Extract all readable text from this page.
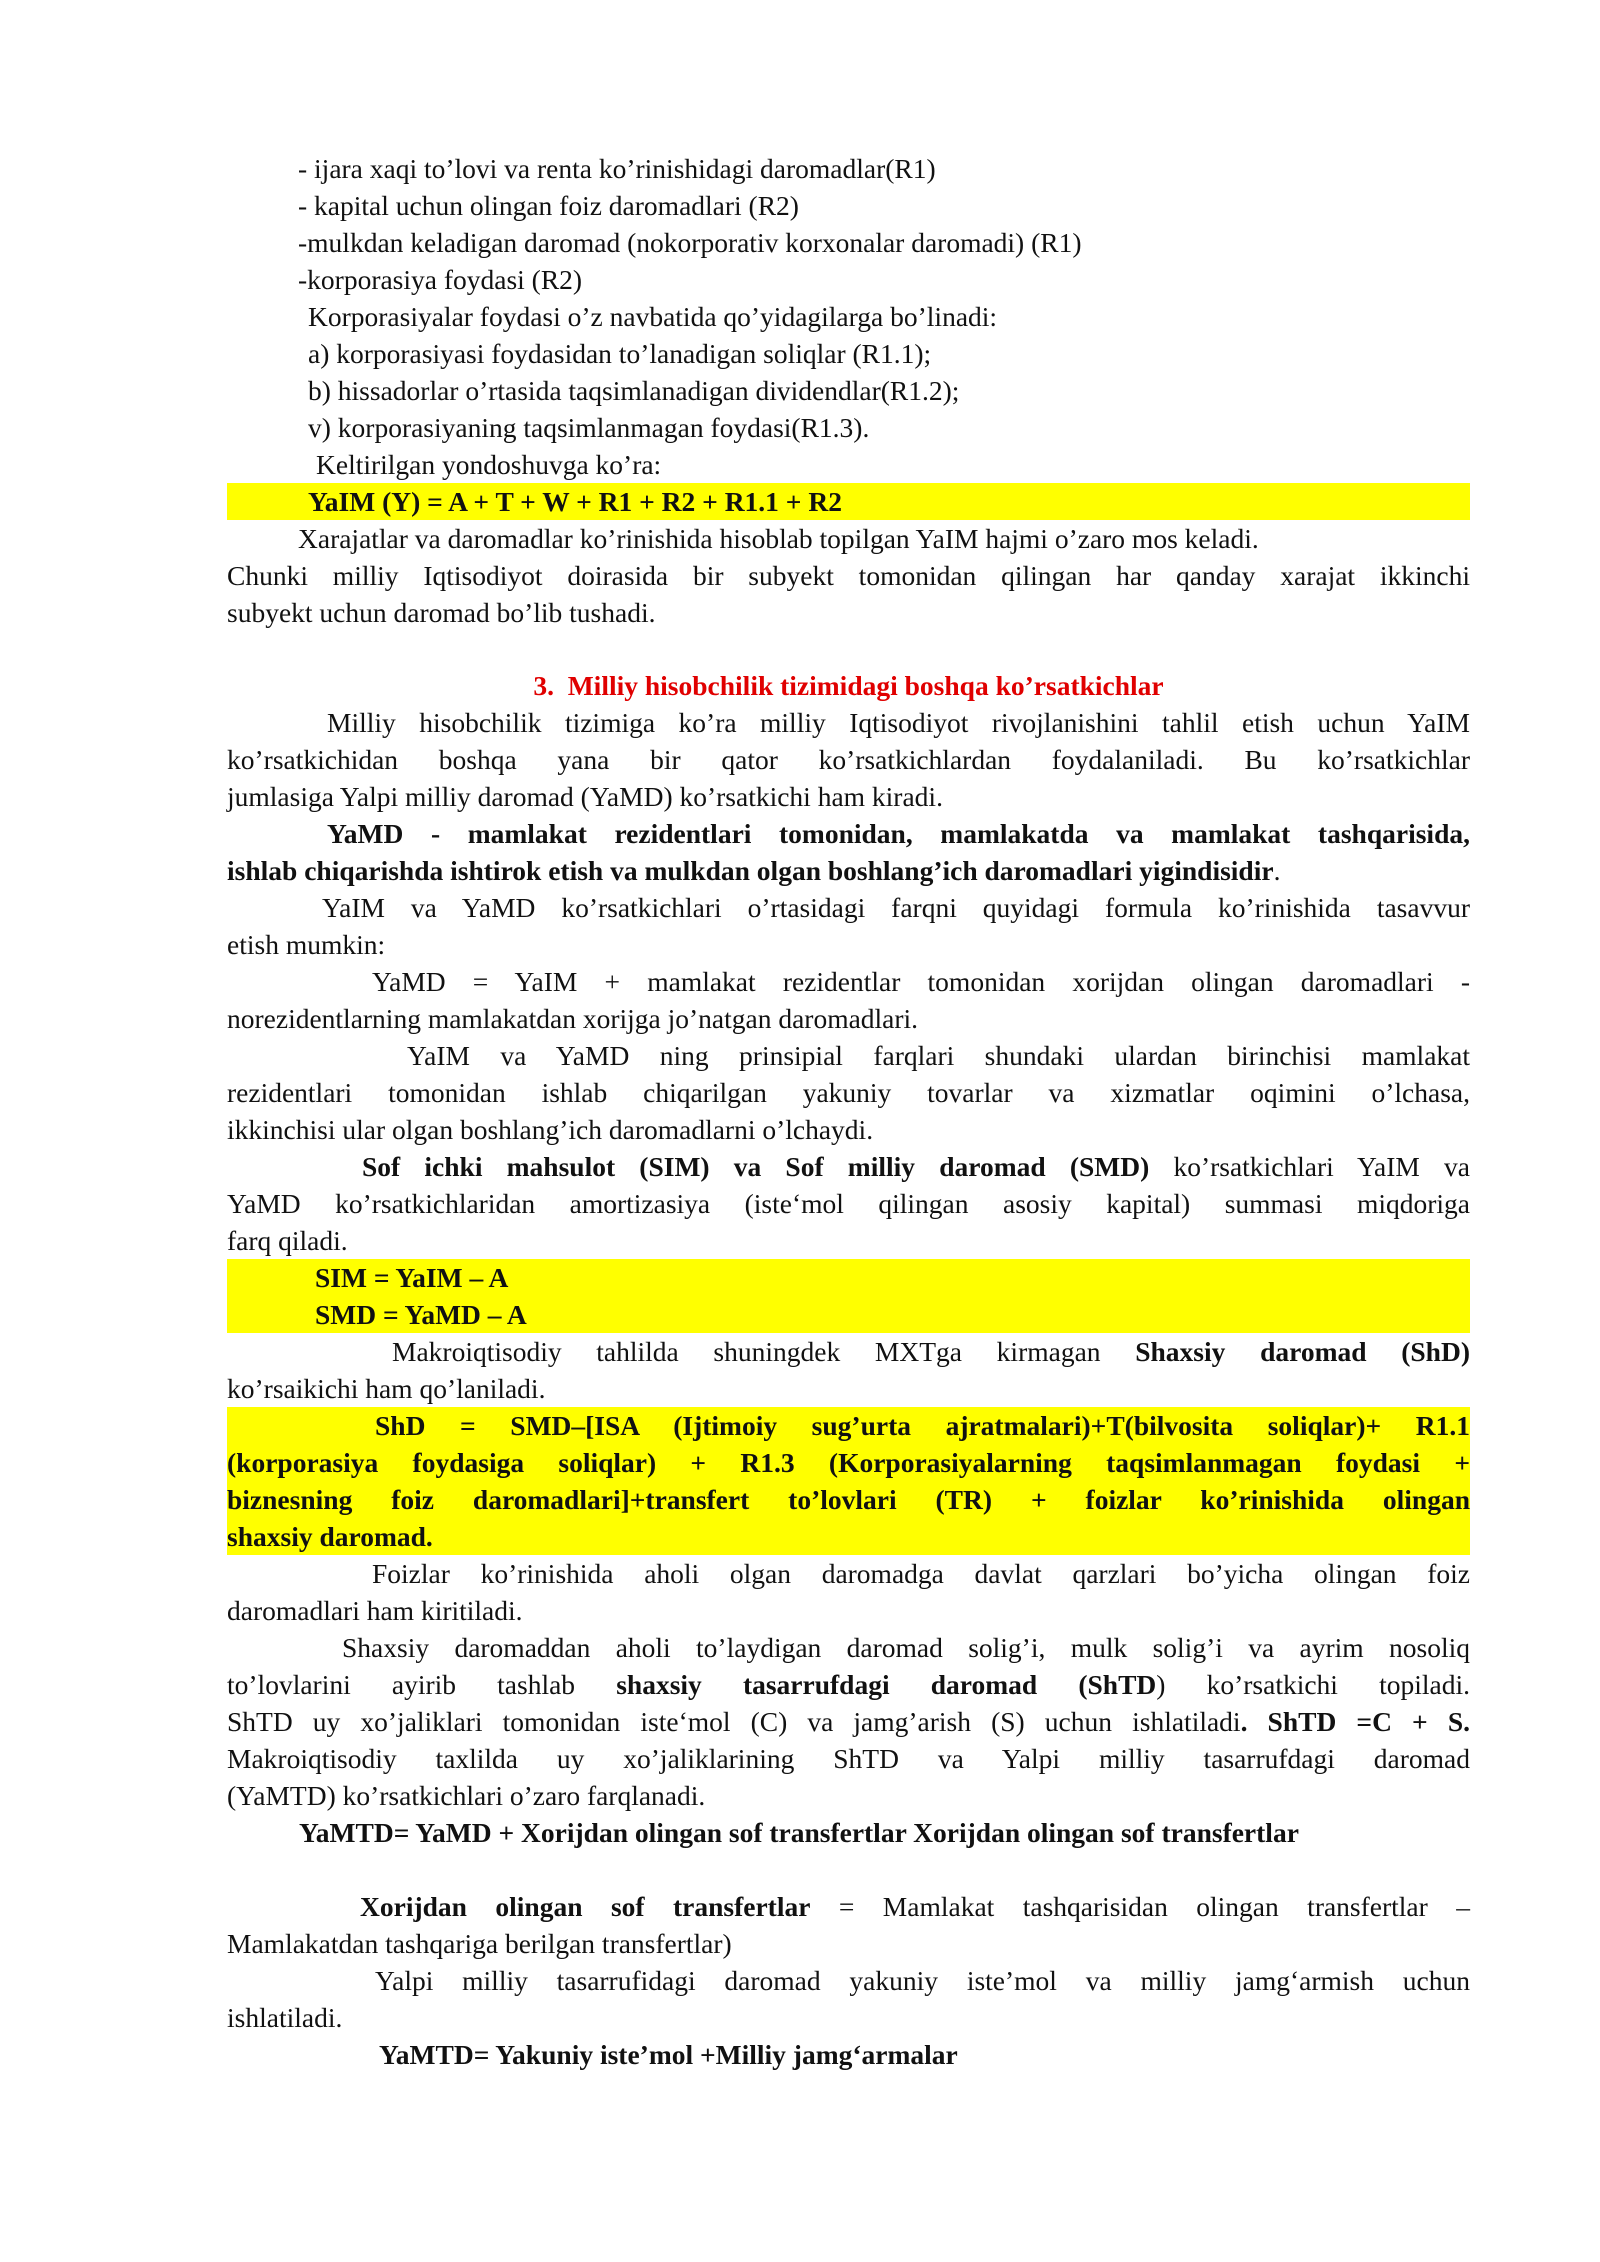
- ijara xaqi to’lovi va renta ko’rinishidagi daromadlar(R1)
- kapital uchun olingan foiz daromadlari (R2)
-mulkdan keladigan daromad (nokorporativ korxonalar daromadi) (R1)
-korporasiya foydasi (R2)
Korporasiyalar foydasi o’z navbatida qo’yidagilarga bo’linadi:
a) korporasiyasi foydasidan to’lanadigan soliqlar (R1.1);
b) hissadorlar o’rtasida taqsimlanadigan dividendlar(R1.2);
v) korporasiyaning taqsimlanmagan foydasi(R1.3).
Keltirilgan yondoshuvga ko’ra:
YaIM (Y) = A + T + W + R1 + R2 + R1.1 + R2
Xarajatlar va daromadlar ko’rinishida hisoblab topilgan YaIM hajmi o’zaro mos keladi.
Chunki milliy Iqtisodiyot doirasida bir subyekt tomonidan qilingan har qanday xarajat ikkinchi
subyekt uchun daromad bo’lib tushadi.
3. Milliy hisobchilik tizimidagi boshqa ko’rsatkichlar
Milliy hisobchilik tizimiga ko’ra milliy Iqtisodiyot rivojlanishini tahlil etish uchun YaIM
ko’rsatkichidan boshqa yana bir qator ko’rsatkichlardan foydalaniladi. Bu ko’rsatkichlar
jumlasiga Yalpi milliy daromad (YaMD) ko’rsatkichi ham kiradi.
YaMD - mamlakat rezidentlari tomonidan, mamlakatda va mamlakat tashqarisida,
ishlab chiqarishda ishtirok etish va mulkdan olgan boshlang’ich daromadlari yigindisidir.
YaIM va YaMD ko’rsatkichlari o’rtasidagi farqni quyidagi formula ko’rinishida tasavvur
etish mumkin:
YaMD = YaIM + mamlakat rezidentlar tomonidan xorijdan olingan daromadlari -
norezidentlarning mamlakatdan xorijga jo’natgan daromadlari.
YaIM va YaMD ning prinsipial farqlari shundaki ulardan birinchisi mamlakat
rezidentlari tomonidan ishlab chiqarilgan yakuniy tovarlar va xizmatlar oqimini o’lchasa,
ikkinchisi ular olgan boshlang’ich daromadlarni o’lchaydi.
Sof ichki mahsulot (SIM) va Sof milliy daromad (SMD) ko’rsatkichlari YaIM va
YaMD ko’rsatkichlaridan amortizasiya (iste‘mol qilingan asosiy kapital) summasi miqdoriga
farq qiladi.
SIM = YaIM – A
SMD = YaMD – A
Makroiqtisodiy tahlilda shuningdek MXTga kirmagan Shaxsiy daromad (ShD)
ko’rsaikichi ham qo’laniladi.
ShD = SMD–[ISA (Ijtimoiy sug’urta ajratmalari)+T(bilvosita soliqlar)+ R1.1
(korporasiya foydasiga soliqlar) + R1.3 (Korporasiyalarning taqsimlanmagan foydasi +
biznesning foiz daromadlari]+transfert to’lovlari (TR) + foizlar ko’rinishida olingan
shaxsiy daromad.
Foizlar ko’rinishida aholi olgan daromadga davlat qarzlari bo’yicha olingan foiz
daromadlari ham kiritiladi.
Shaxsiy daromaddan aholi to’laydigan daromad solig’i, mulk solig’i va ayrim nosoliq
to’lovlarini ayirib tashlab shaxsiy tasarrufdagi daromad (ShTD) ko’rsatkichi topiladi.
ShTD uy xo’jaliklari tomonidan iste‘mol (C) va jamg’arish (S) uchun ishlatiladi. ShTD =C + S.
Makroiqtisodiy taxlilda uy xo’jaliklarining ShTD va Yalpi milliy tasarrufdagi daromad
(YaMTD) ko’rsatkichlari o’zaro farqlanadi.
YaMTD= YaMD + Xorijdan olingan sof transfertlar Xorijdan olingan sof transfertlar
Xorijdan olingan sof transfertlar = Mamlakat tashqarisidan olingan transfertlar –
Mamlakatdan tashqariga berilgan transfertlar)
Yalpi milliy tasarrufidagi daromad yakuniy iste’mol va milliy jamg‘armish uchun
ishlatiladi.
YaMTD= Yakuniy iste’mol +Milliy jamg‘armalar
